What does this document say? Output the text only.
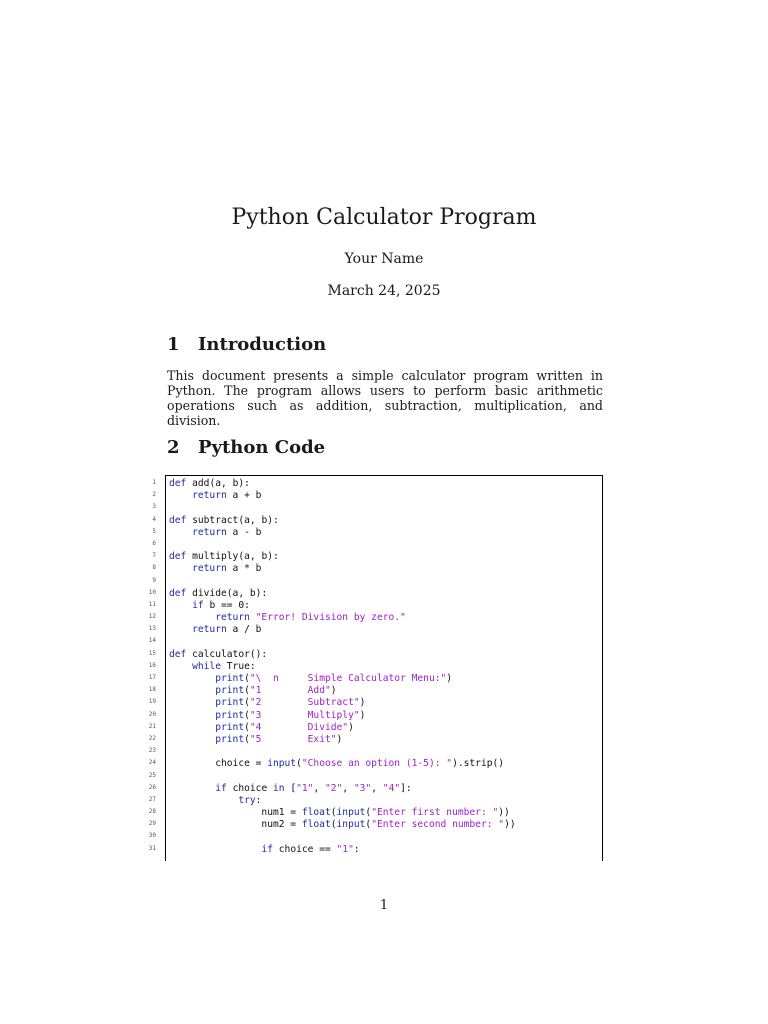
Python Calculator Program
Your Name
March 24, 2025
1 Introduction

This document presents a simple calculator program written in Python. The program allows users to perform basic arithmetic operations such as addition, subtraction, multiplication, and division.

2 Python Code
1
2
3
4
5
6
7
8
9
10
11
12
13
14
15
16
17
18
19
20
21
22
23
24
25
26
27
28
29
30
31
def add(a, b):
return a + b
def subtract(a, b):
return a - b
def multiply(a, b):
return a * b
def divide(a, b):
if b == 0:
return "Error! Division by zero."
return a / b
def calculator():
while True:
print("\  n     Simple Calculator Menu:")
print("1        Add")
print("2        Subtract")
print("3        Multiply")
print("4        Divide")
print("5        Exit")
choice = input("Choose an option (1-5): ").strip()
if choice in ["1", "2", "3", "4"]:
try:
num1 = float(input("Enter first number: "))
num2 = float(input("Enter second number: "))
if choice == "1":
1
